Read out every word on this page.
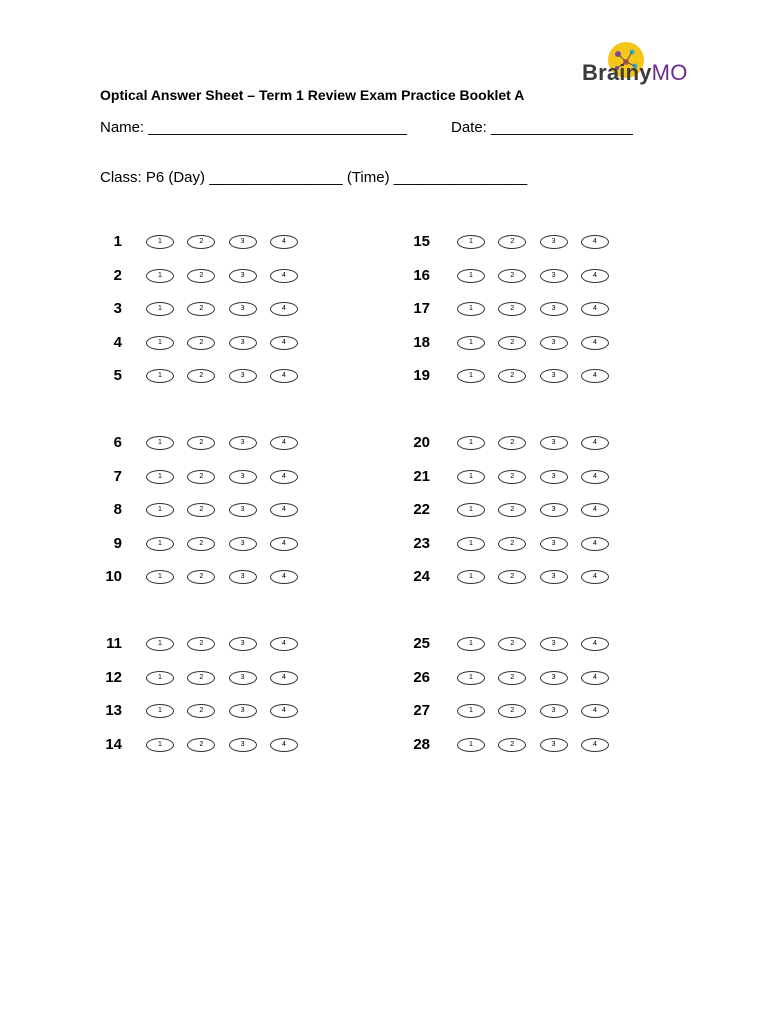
BrainyMO
Optical Answer Sheet – Term 1 Review Exam Practice Booklet A
Name: _______________________________	Date: _________________
Class: P6 (Day) ________________ (Time) ________________
1	1	2	3	4
2	1	2	3	4
3	1	2	3	4
4	1	2	3	4
5	1	2	3	4
6	1	2	3	4
7	1	2	3	4
8	1	2	3	4
9	1	2	3	4
10	1	2	3	4
11	1	2	3	4
12	1	2	3	4
13	1	2	3	4
14	1	2	3	4
15	1	2	3	4
16	1	2	3	4
17	1	2	3	4
18	1	2	3	4
19	1	2	3	4
20	1	2	3	4
21	1	2	3	4
22	1	2	3	4
23	1	2	3	4
24	1	2	3	4
25	1	2	3	4
26	1	2	3	4
27	1	2	3	4
28	1	2	3	4
